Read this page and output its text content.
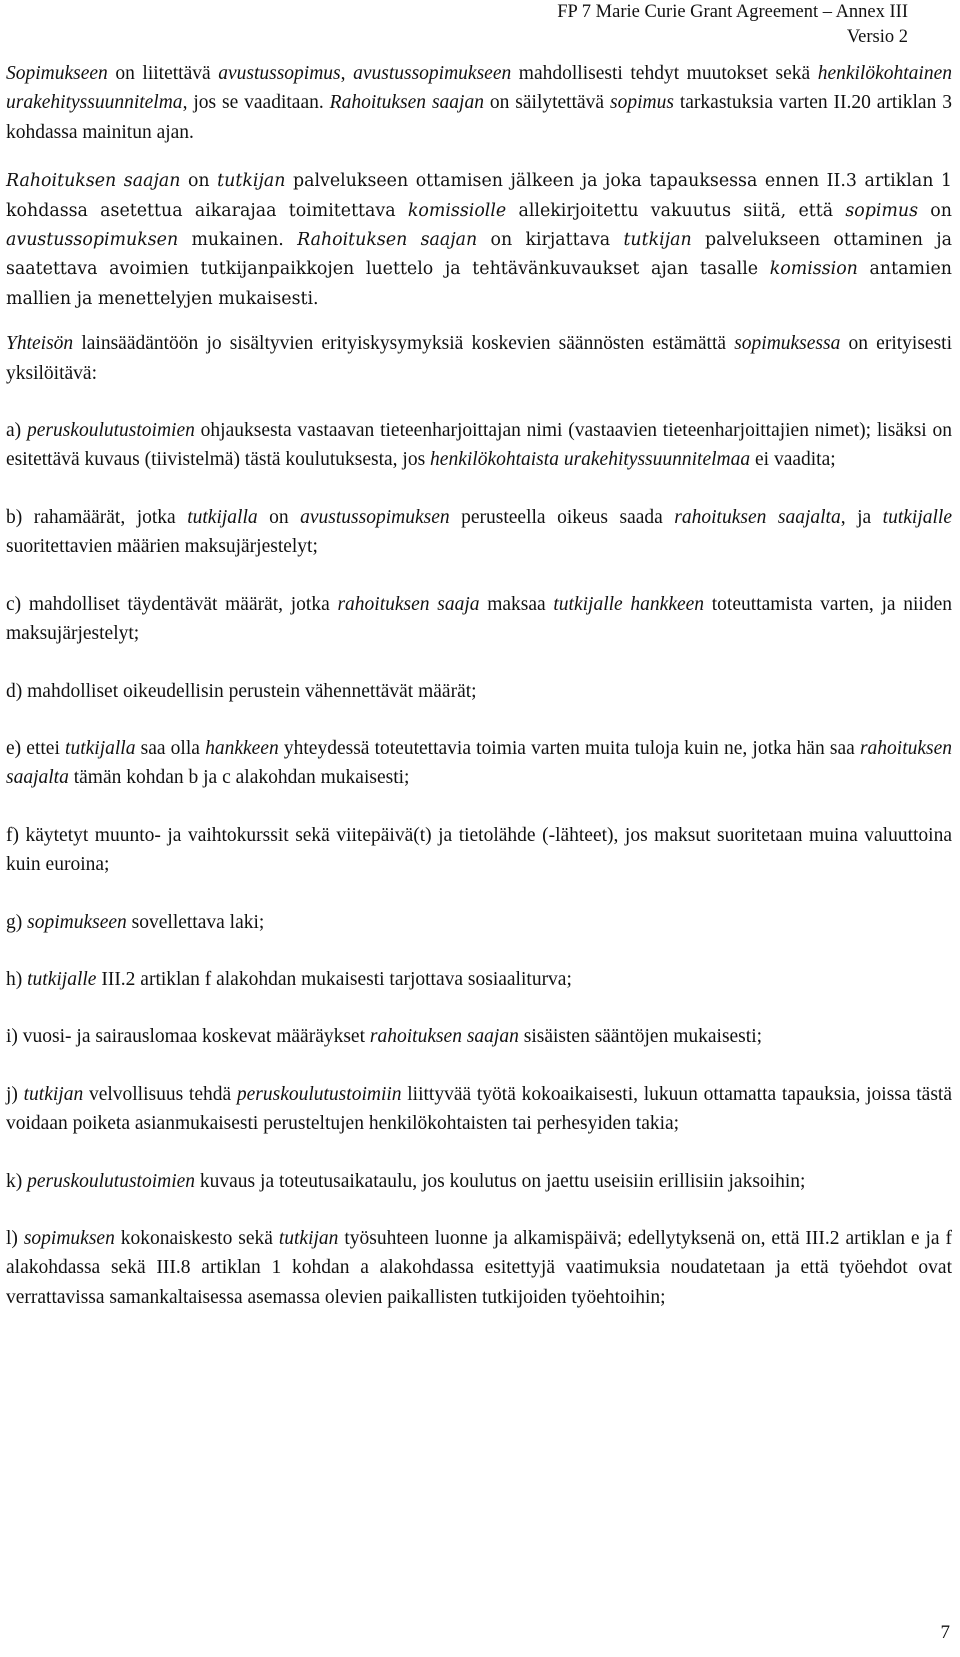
FP 7 Marie Curie Grant Agreement – Annex III
Versio 2

Sopimukseen on liitettävä avustussopimus, avustussopimukseen mahdollisesti tehdyt muutokset sekä henkilökohtainen urakehityssuunnitelma, jos se vaaditaan. Rahoituksen saajan on säilytettävä sopimus tarkastuksia varten II.20 artiklan 3 kohdassa mainitun ajan.

Rahoituksen saajan on tutkijan palvelukseen ottamisen jälkeen ja joka tapauksessa ennen II.3 artiklan 1 kohdassa asetettua aikarajaa toimitettava komissiolle allekirjoitettu vakuutus siitä, että sopimus on avustussopimuksen mukainen. Rahoituksen saajan on kirjattava tutkijan palvelukseen ottaminen ja saatettava avoimien tutkijanpaikkojen luettelo ja tehtävänkuvaukset ajan tasalle komission antamien mallien ja menettelyjen mukaisesti.

Yhteisön lainsäädäntöön jo sisältyvien erityiskysymyksiä koskevien säännösten estämättä sopimuksessa on erityisesti yksilöitävä:

a) peruskoulutustoimien ohjauksesta vastaavan tieteenharjoittajan nimi (vastaavien tieteenharjoittajien nimet); lisäksi on esitettävä kuvaus (tiivistelmä) tästä koulutuksesta, jos henkilökohtaista urakehityssuunnitelmaa ei vaadita;

b) rahamäärät, jotka tutkijalla on avustussopimuksen perusteella oikeus saada rahoituksen saajalta, ja tutkijalle suoritettavien määrien maksujärjestelyt;

c) mahdolliset täydentävät määrät, jotka rahoituksen saaja maksaa tutkijalle hankkeen toteuttamista varten, ja niiden maksujärjestelyt;

d) mahdolliset oikeudellisin perustein vähennettävät määrät;

e) ettei tutkijalla saa olla hankkeen yhteydessä toteutettavia toimia varten muita tuloja kuin ne, jotka hän saa rahoituksen saajalta tämän kohdan b ja c alakohdan mukaisesti;

f) käytetyt muunto- ja vaihtokurssit sekä viitepäivä(t) ja tietolähde (-lähteet), jos maksut suoritetaan muina valuuttoina kuin euroina;

g) sopimukseen sovellettava laki;

h) tutkijalle III.2 artiklan f alakohdan mukaisesti tarjottava sosiaaliturva;

i) vuosi- ja sairauslomaa koskevat määräykset rahoituksen saajan sisäisten sääntöjen mukaisesti;

j) tutkijan velvollisuus tehdä peruskoulutustoimiin liittyvää työtä kokoaikaisesti, lukuun ottamatta tapauksia, joissa tästä voidaan poiketa asianmukaisesti perusteltujen henkilökohtaisten tai perhesyiden takia;

k) peruskoulutustoimien kuvaus ja toteutusaikataulu, jos koulutus on jaettu useisiin erillisiin jaksoihin;

l) sopimuksen kokonaiskesto sekä tutkijan työsuhteen luonne ja alkamispäivä; edellytyksenä on, että III.2 artiklan e ja f alakohdassa sekä III.8 artiklan 1 kohdan a alakohdassa esitettyjä vaatimuksia noudatetaan ja että työehdot ovat verrattavissa samankaltaisessa asemassa olevien paikallisten tutkijoiden työehtoihin;

7
